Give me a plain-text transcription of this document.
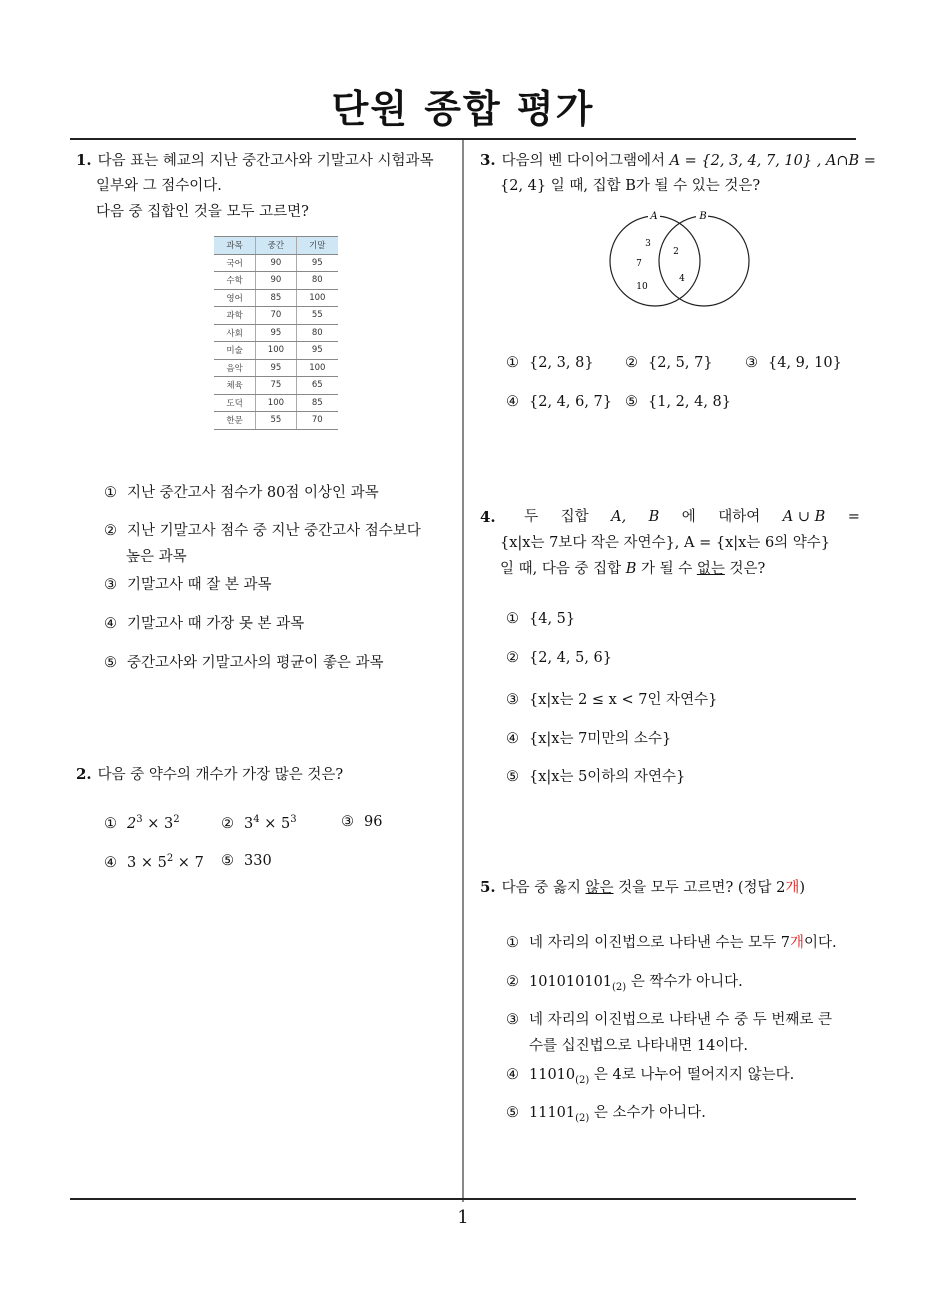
단원 종합 평가
1
1. 다음 표는 혜교의 지난 중간고사와 기말고사 시험과목
일부와 그 점수이다.
다음 중 집합인 것을 모두 고르면?
과목	중간	기말
국어	90	95
수학	90	80
영어	85	100
과학	70	55
사회	95	80
미술	100	95
음악	95	100
체육	75	65
도덕	100	85
한문	55	70
① 지난 중간고사 점수가 80점 이상인 과목
② 지난 기말고사 점수 중 지난 중간고사 점수보다
높은 과목
③ 기말고사 때 잘 본 과목
④ 기말고사 때 가장 못 본 과목
⑤ 중간고사와 기말고사의 평균이 좋은 과목
2. 다음 중 약수의 개수가 가장 많은 것은?
① $2^3 \times 3^2$	② $3^4 \times 5^3$	③ 96
④ $3 \times 5^2 \times 7$ ⑤ 330
3. 다음의 벤 다이어그램에서 A = {2, 3, 4, 7, 10} , A∩B =
{2, 4} 일 때, 집합 B가 될 수 있는 것은?
A	B
3
7
10
2
4
① {2, 3, 8} ② {2, 5, 7} ③ {4, 9, 10}
④ {2, 4, 6, 7} ⑤ {1, 2, 4, 8}
4. 두 집합 A, B 에 대하여 A ∪ B =
{x|x는 7보다 작은 자연수}, A = {x|x는 6의 약수}
일 때, 다음 중 집합 B 가 될 수 없는 것은?
① {4, 5}
② {2, 4, 5, 6}
③ {x|x는 2 ≤ x < 7인 자연수}
④ {x|x는 7미만의 소수}
⑤ {x|x는 5이하의 자연수}
5. 다음 중 옳지 않은 것을 모두 고르면? (정답 2개)
① 네 자리의 이진법으로 나타낸 수는 모두 7개이다.
② $101010101_{(2)}$ 은 짝수가 아니다.
③ 네 자리의 이진법으로 나타낸 수 중 두 번째로 큰
수를 십진법으로 나타내면 14이다.
④ $11010_{(2)}$ 은 4로 나누어 떨어지지 않는다.
⑤ $11101_{(2)}$ 은 소수가 아니다.
